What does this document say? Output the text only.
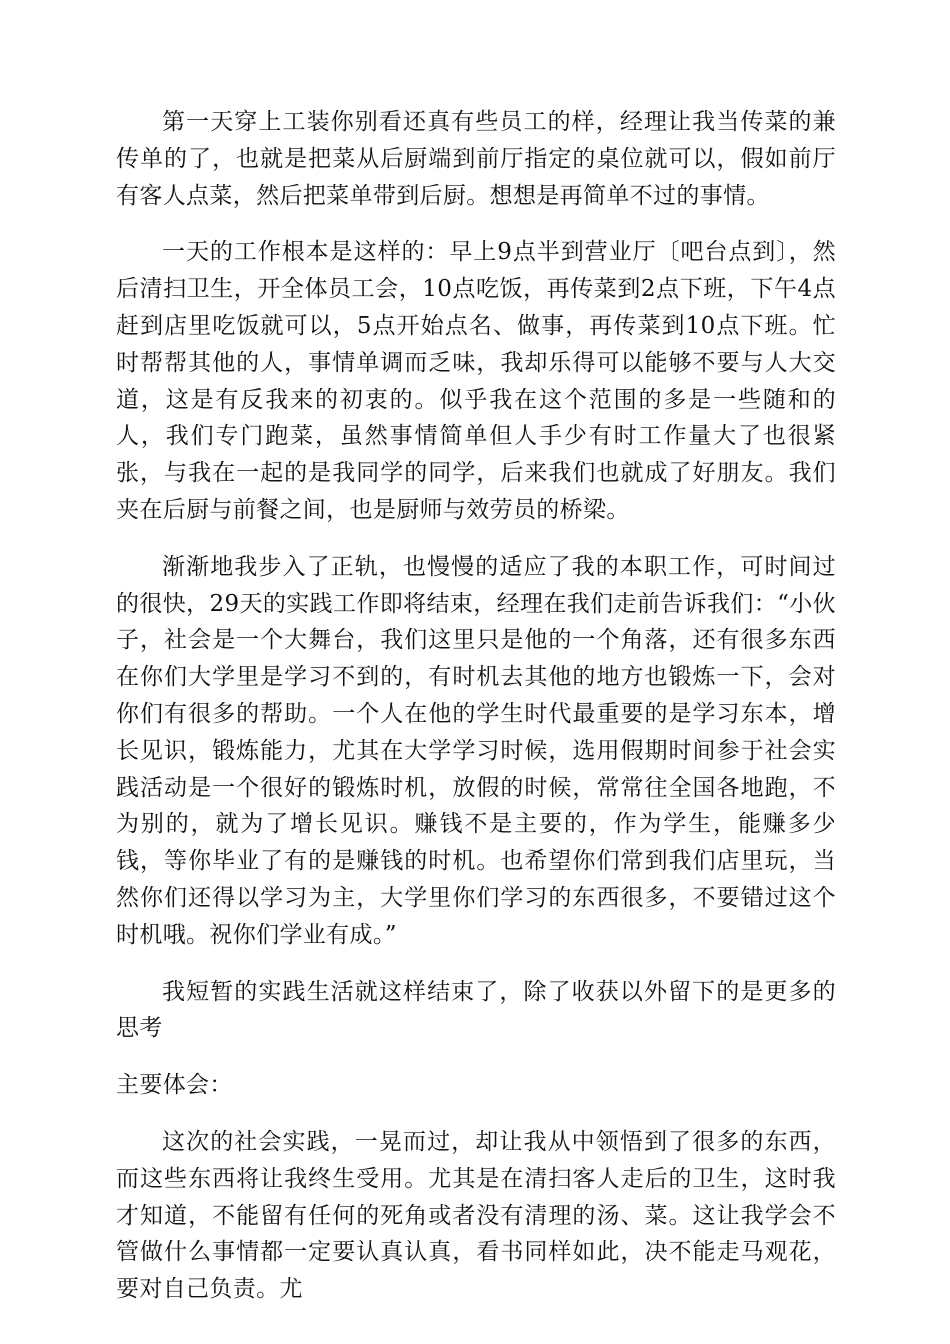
第一天穿上工装你别看还真有些员工的样，经理让我当传菜的兼传单的了，也就是把菜从后厨端到前厅指定的桌位就可以，假如前厅有客人点菜，然后把菜单带到后厨。想想是再简单不过的事情。

一天的工作根本是这样的：早上9点半到营业厅〔吧台点到〕，然后清扫卫生，开全体员工会，10点吃饭，再传菜到2点下班，下午4点赶到店里吃饭就可以，5点开始点名、做事，再传菜到10点下班。忙时帮帮其他的人，事情单调而乏味，我却乐得可以能够不要与人大交道，这是有反我来的初衷的。似乎我在这个范围的多是一些随和的人，我们专门跑菜，虽然事情简单但人手少有时工作量大了也很紧张，与我在一起的是我同学的同学，后来我们也就成了好朋友。我们夹在后厨与前餐之间，也是厨师与效劳员的桥梁。

渐渐地我步入了正轨，也慢慢的适应了我的本职工作，可时间过的很快，29天的实践工作即将结束，经理在我们走前告诉我们：“小伙子，社会是一个大舞台，我们这里只是他的一个角落，还有很多东西在你们大学里是学习不到的，有时机去其他的地方也锻炼一下，会对你们有很多的帮助。一个人在他的学生时代最重要的是学习东本，增长见识，锻炼能力，尤其在大学学习时候，选用假期时间参于社会实践活动是一个很好的锻炼时机，放假的时候，常常往全国各地跑，不为别的，就为了增长见识。赚钱不是主要的，作为学生，能赚多少钱，等你毕业了有的是赚钱的时机。也希望你们常到我们店里玩，当然你们还得以学习为主，大学里你们学习的东西很多，不要错过这个时机哦。祝你们学业有成。”

我短暂的实践生活就这样结束了，除了收获以外留下的是更多的思考

主要体会：

这次的社会实践，一晃而过，却让我从中领悟到了很多的东西，而这些东西将让我终生受用。尤其是在清扫客人走后的卫生，这时我才知道，不能留有任何的死角或者没有清理的汤、菜。这让我学会不管做什么事情都一定要认真认真，看书同样如此，决不能走马观花，要对自己负责。尤
